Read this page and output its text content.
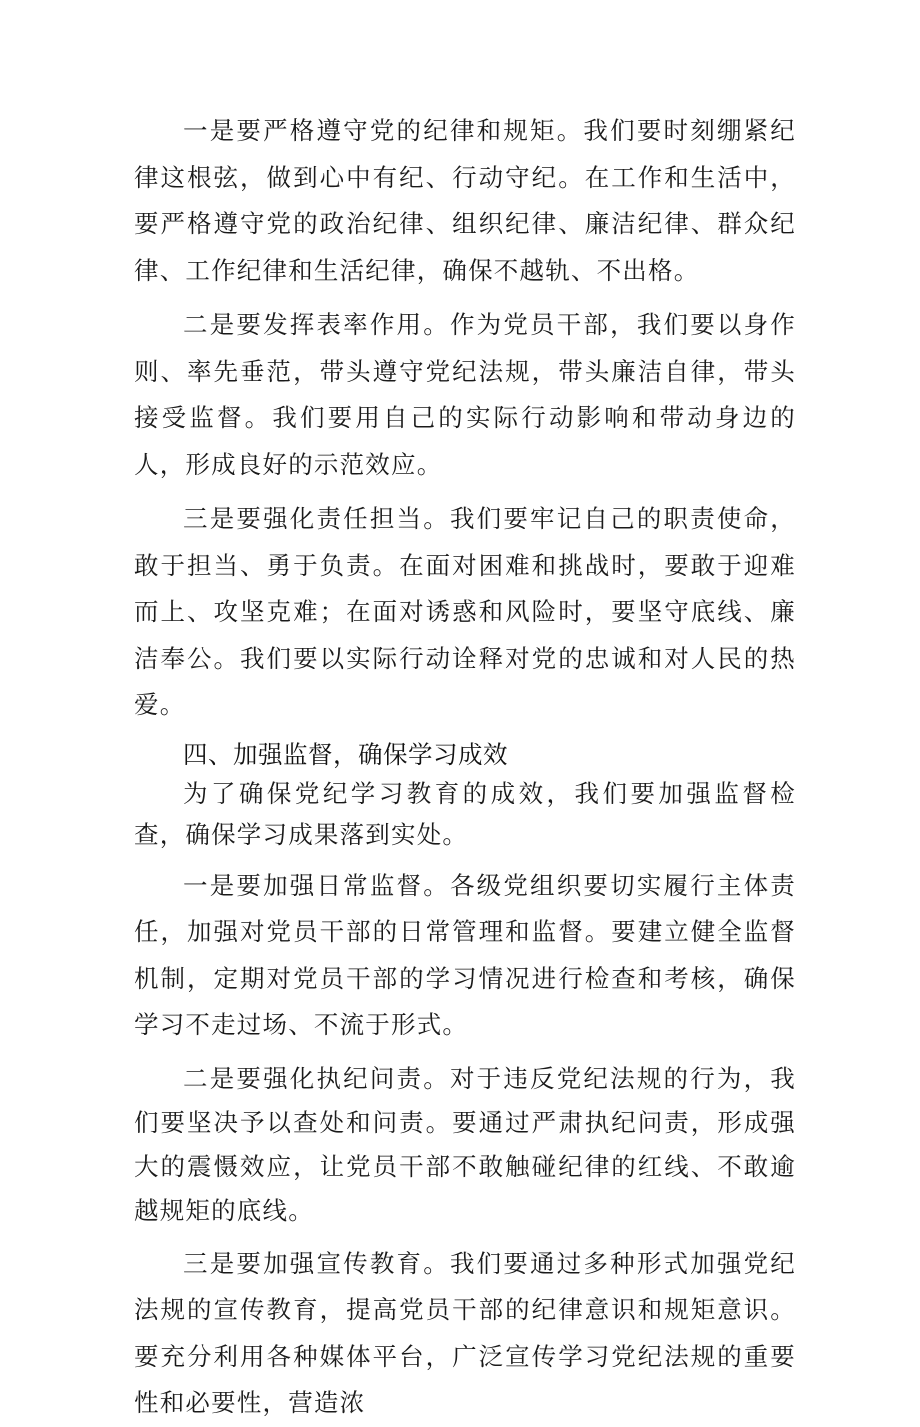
一是要严格遵守党的纪律和规矩。我们要时刻绷紧纪律这根弦，做到心中有纪、行动守纪。在工作和生活中，要严格遵守党的政治纪律、组织纪律、廉洁纪律、群众纪律、工作纪律和生活纪律，确保不越轨、不出格。

二是要发挥表率作用。作为党员干部，我们要以身作则、率先垂范，带头遵守党纪法规，带头廉洁自律，带头接受监督。我们要用自己的实际行动影响和带动身边的人，形成良好的示范效应。

三是要强化责任担当。我们要牢记自己的职责使命，敢于担当、勇于负责。在面对困难和挑战时，要敢于迎难而上、攻坚克难；在面对诱惑和风险时，要坚守底线、廉洁奉公。我们要以实际行动诠释对党的忠诚和对人民的热爱。

四、加强监督，确保学习成效

为了确保党纪学习教育的成效，我们要加强监督检查，确保学习成果落到实处。

一是要加强日常监督。各级党组织要切实履行主体责任，加强对党员干部的日常管理和监督。要建立健全监督机制，定期对党员干部的学习情况进行检查和考核，确保学习不走过场、不流于形式。

二是要强化执纪问责。对于违反党纪法规的行为，我们要坚决予以查处和问责。要通过严肃执纪问责，形成强大的震慑效应，让党员干部不敢触碰纪律的红线、不敢逾越规矩的底线。

三是要加强宣传教育。我们要通过多种形式加强党纪法规的宣传教育，提高党员干部的纪律意识和规矩意识。要充分利用各种媒体平台，广泛宣传学习党纪法规的重要性和必要性，营造浓
